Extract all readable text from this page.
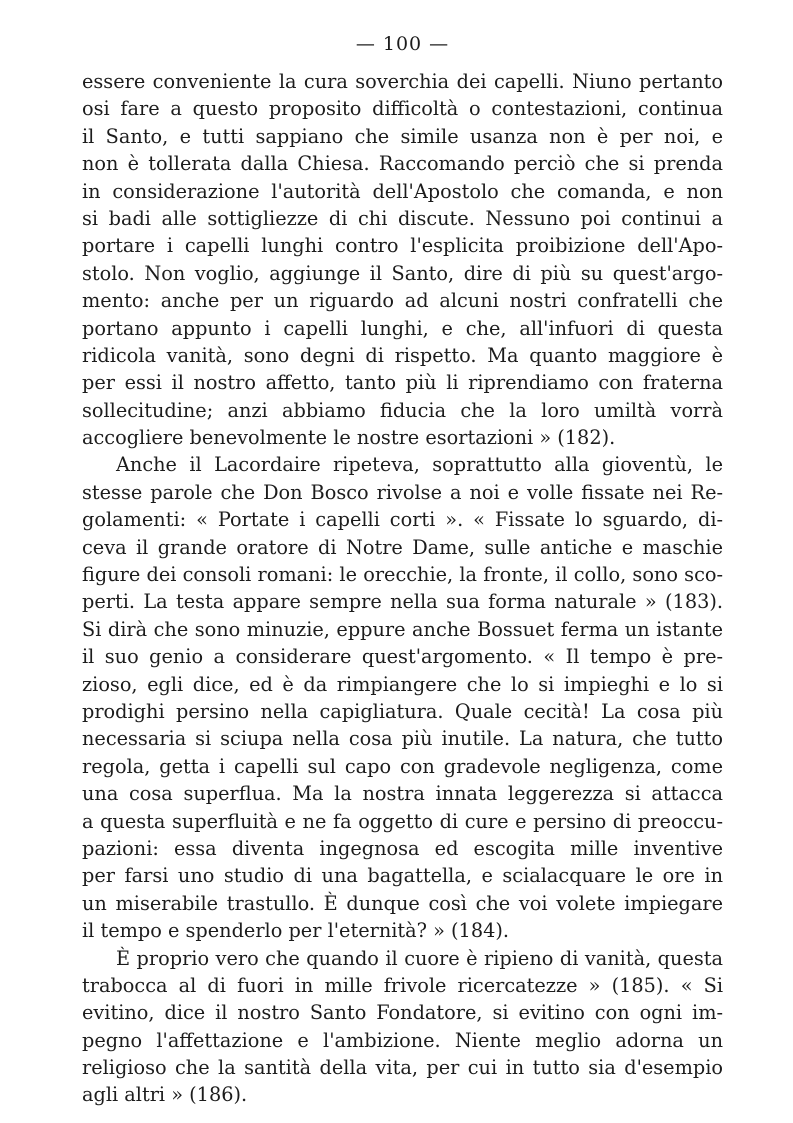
— 100 —
essere conveniente la cura soverchia dei capelli. Niuno pertanto
osi fare a questo proposito difficoltà o contestazioni, continua
il Santo, e tutti sappiano che simile usanza non è per noi, e
non è tollerata dalla Chiesa. Raccomando perciò che si prenda
in considerazione l'autorità dell'Apostolo che comanda, e non
si badi alle sottigliezze di chi discute. Nessuno poi continui a
portare i capelli lunghi contro l'esplicita proibizione dell'Apo-
stolo. Non voglio, aggiunge il Santo, dire di più su quest'argo-
mento: anche per un riguardo ad alcuni nostri confratelli che
portano appunto i capelli lunghi, e che, all'infuori di questa
ridicola vanità, sono degni di rispetto. Ma quanto maggiore è
per essi il nostro affetto, tanto più li riprendiamo con fraterna
sollecitudine; anzi abbiamo fiducia che la loro umiltà vorrà
accogliere benevolmente le nostre esortazioni » (182).
Anche il Lacordaire ripeteva, soprattutto alla gioventù, le
stesse parole che Don Bosco rivolse a noi e volle fissate nei Re-
golamenti: « Portate i capelli corti ». « Fissate lo sguardo, di-
ceva il grande oratore di Notre Dame, sulle antiche e maschie
figure dei consoli romani: le orecchie, la fronte, il collo, sono sco-
perti. La testa appare sempre nella sua forma naturale » (183).
Si dirà che sono minuzie, eppure anche Bossuet ferma un istante
il suo genio a considerare quest'argomento. « Il tempo è pre-
zioso, egli dice, ed è da rimpiangere che lo si impieghi e lo si
prodighi persino nella capigliatura. Quale cecità! La cosa più
necessaria si sciupa nella cosa più inutile. La natura, che tutto
regola, getta i capelli sul capo con gradevole negligenza, come
una cosa superflua. Ma la nostra innata leggerezza si attacca
a questa superfluità e ne fa oggetto di cure e persino di preoccu-
pazioni: essa diventa ingegnosa ed escogita mille inventive
per farsi uno studio di una bagattella, e scialacquare le ore in
un miserabile trastullo. È dunque così che voi volete impiegare
il tempo e spenderlo per l'eternità? » (184).
È proprio vero che quando il cuore è ripieno di vanità, questa
trabocca al di fuori in mille frivole ricercatezze » (185). « Si
evitino, dice il nostro Santo Fondatore, si evitino con ogni im-
pegno l'affettazione e l'ambizione. Niente meglio adorna un
religioso che la santità della vita, per cui in tutto sia d'esempio
agli altri » (186).
